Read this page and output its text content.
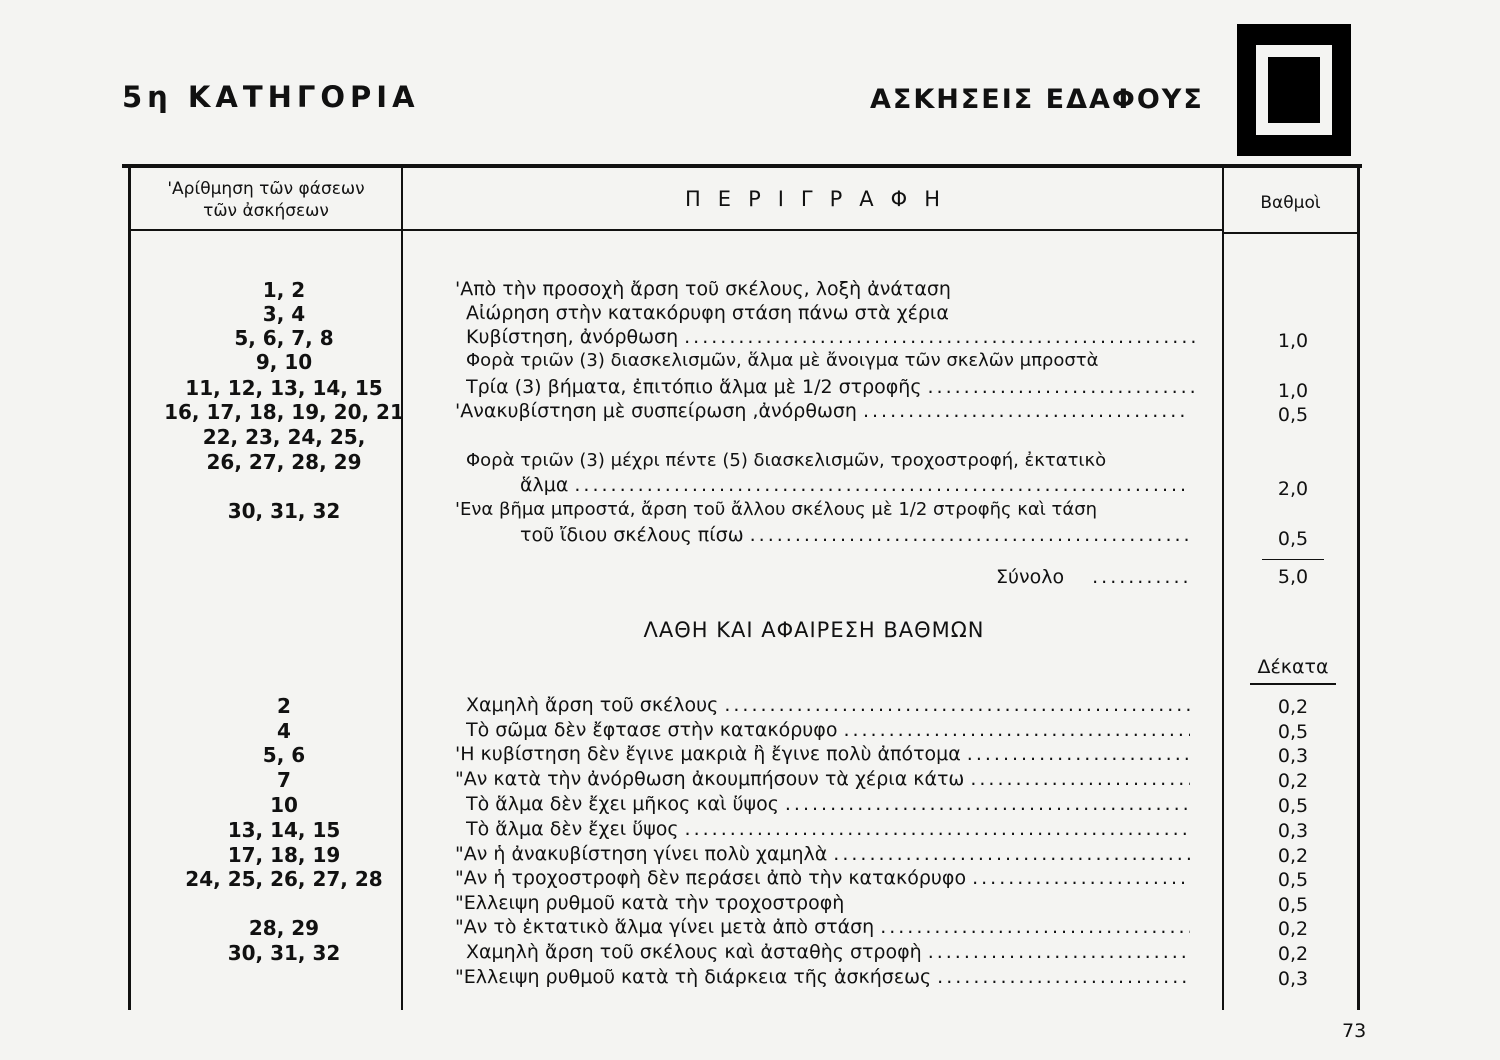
5η ΚΑΤΗΓΟΡΙΑ	ΑΣΚΗΣΕΙΣ ΕΔΑΦΟΥΣ
'Αρίθμηση τῶν φάσεων
τῶν ἀσκήσεων	ΠΕΡΙΓΡΑΦΗ	Βαθμοὶ
1, 2	'Απὸ τὴν προσοχὴ ἄρση τοῦ σκέλους, λοξὴ ἀνάταση
3, 4	Αἰώρηση στὴν κατακόρυφη στάση πάνω στὰ χέρια
5, 6, 7, 8	Κυβίστηση, ἀνόρθωση .....	1,0
9, 10	Φορὰ τριῶν (3) διασκελισμῶν, ἅλμα μὲ ἄνοιγμα τῶν σκελῶν μπροστὰ
11, 12, 13, 14, 15	Τρία (3) βήματα, ἐπιτόπιο ἅλμα μὲ 1/2 στροφῆς .....	1,0
16, 17, 18, 19, 20, 21	'Ανακυβίστηση μὲ συσπείρωση ,ἀνόρθωση .....	0,5
22, 23, 24, 25,
26, 27, 28, 29	Φορὰ τριῶν (3) μέχρι πέντε (5) διασκελισμῶν, τροχοστροφή, ἐκτατικὸ
ἅλμα .....	2,0
30, 31, 32	'Ενα βῆμα μπροστά, ἄρση τοῦ ἄλλου σκέλους μὲ 1/2 στροφῆς καὶ τάση
τοῦ ἴδιου σκέλους πίσω .....	0,5
Σύνολο .....	5,0
ΛΑΘΗ ΚΑΙ ΑΦΑΙΡΕΣΗ ΒΑΘΜΩΝ
Δέκατα
2	Χαμηλὴ ἄρση τοῦ σκέλους .....	0,2
4	Τὸ σῶμα δὲν ἔφτασε στὴν κατακόρυφο .....	0,5
5, 6	'Η κυβίστηση δὲν ἔγινε μακριὰ ἢ ἔγινε πολὺ ἀπότομα .....	0,3
7	"Αν κατὰ τὴν ἀνόρθωση ἀκουμπήσουν τὰ χέρια κάτω .....	0,2
10	Τὸ ἅλμα δὲν ἔχει μῆκος καὶ ὕψος .....	0,5
13, 14, 15	Τὸ ἅλμα δὲν ἔχει ὕψος .....	0,3
17, 18, 19	"Αν ἡ ἀνακυβίστηση γίνει πολὺ χαμηλὰ .....	0,2
24, 25, 26, 27, 28	"Αν ἡ τροχοστροφὴ δὲν περάσει ἀπὸ τὴν κατακόρυφο .....	0,5
"Ελλειψη ρυθμοῦ κατὰ τὴν τροχοστροφὴ	0,5
28, 29	"Αν τὸ ἐκτατικὸ ἅλμα γίνει μετὰ ἀπὸ στάση .....	0,2
30, 31, 32	Χαμηλὴ ἄρση τοῦ σκέλους καὶ ἀσταθὴς στροφὴ .....	0,2
"Ελλειψη ρυθμοῦ κατὰ τὴ διάρκεια τῆς ἀσκήσεως .....	0,3
73
